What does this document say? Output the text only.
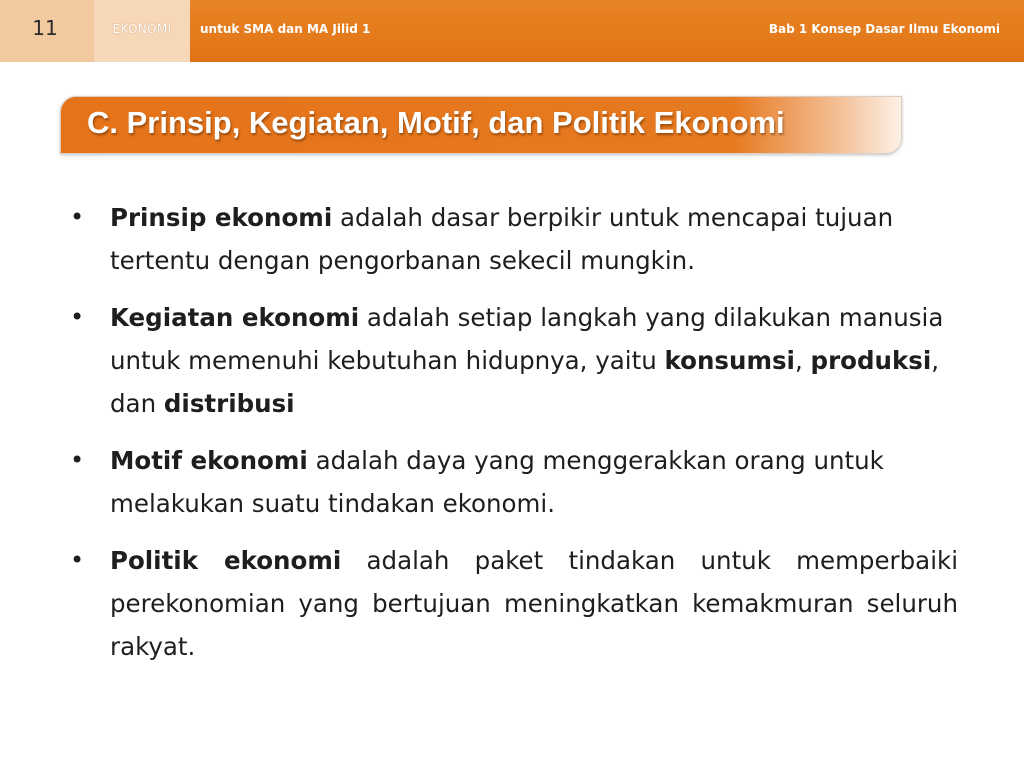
11	EKONOMI untuk SMA dan MA Jilid 1	Bab 1 Konsep Dasar Ilmu Ekonomi
C. Prinsip, Kegiatan, Motif, dan Politik Ekonomi
• Prinsip ekonomi adalah dasar berpikir untuk mencapai tujuan tertentu dengan pengorbanan sekecil mungkin.
• Kegiatan ekonomi adalah setiap langkah yang dilakukan manusia untuk memenuhi kebutuhan hidupnya, yaitu konsumsi, produksi, dan distribusi
• Motif ekonomi adalah daya yang menggerakkan orang untuk melakukan suatu tindakan ekonomi.
• Politik ekonomi adalah paket tindakan untuk memperbaiki perekonomian yang bertujuan meningkatkan kemakmuran seluruh rakyat.
